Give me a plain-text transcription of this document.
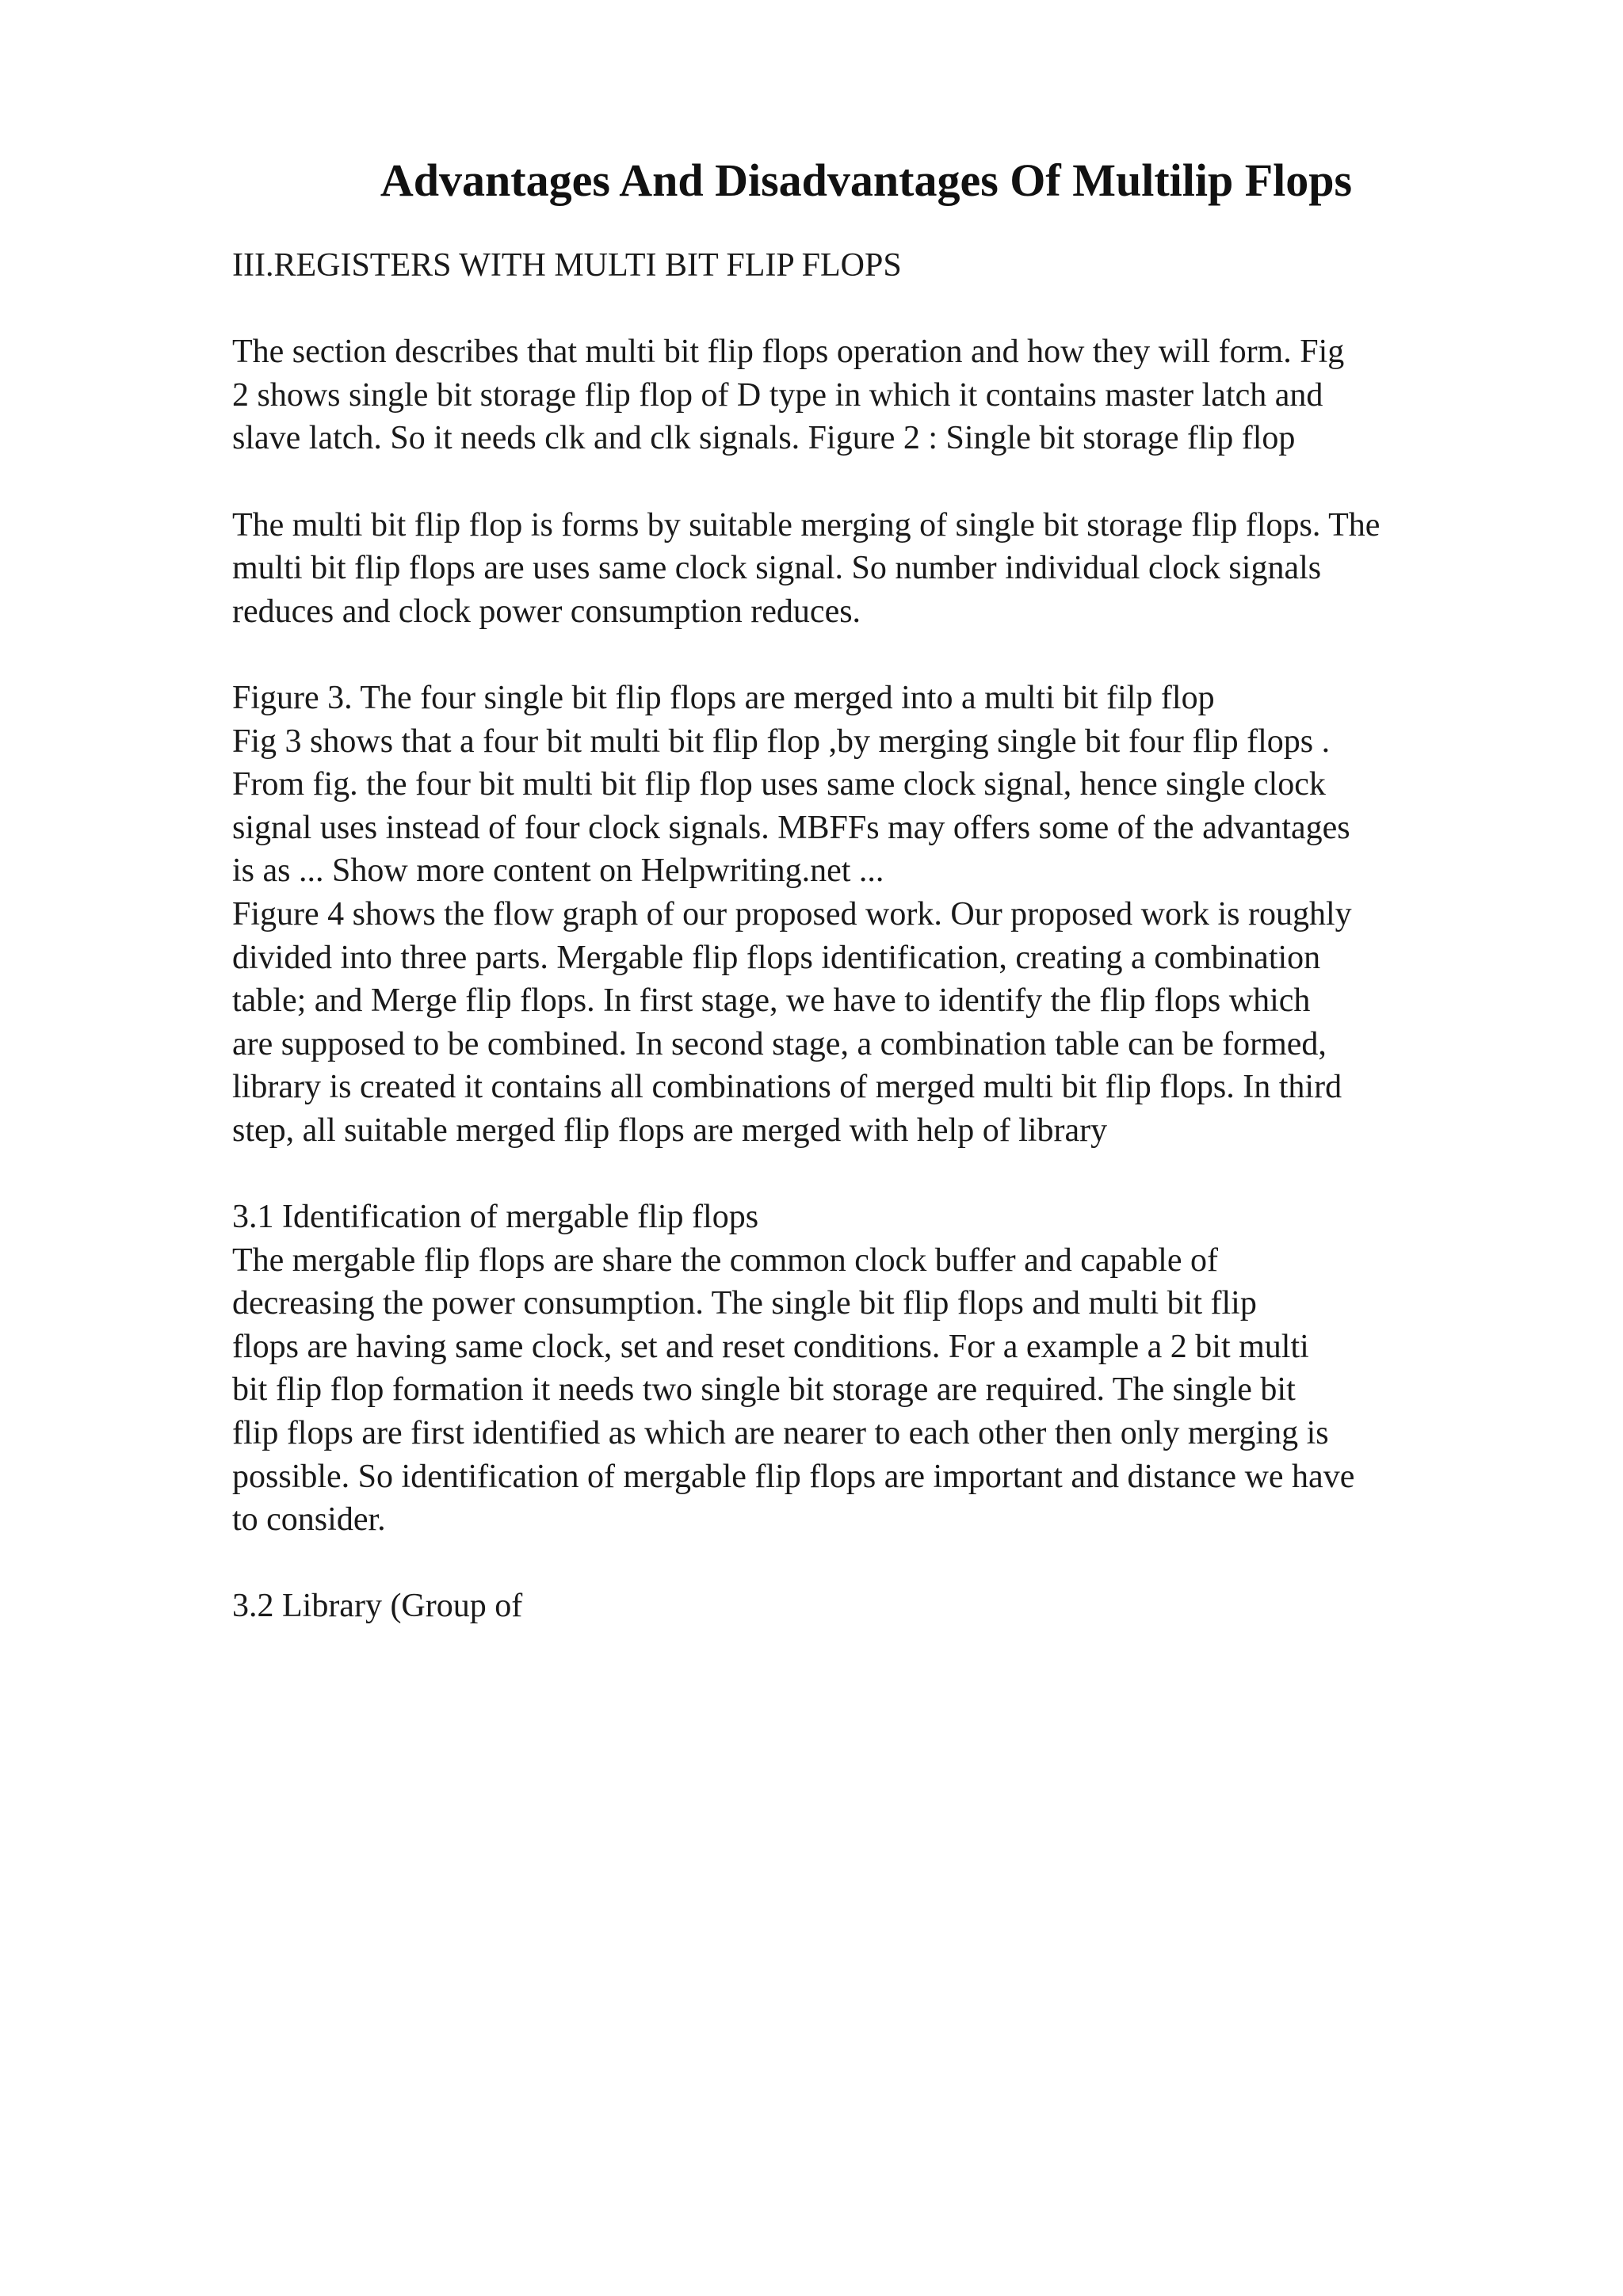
Advantages And Disadvantages Of Multilip Flops
III.REGISTERS WITH MULTI BIT FLIP FLOPS
The section describes that multi bit flip flops operation and how they will form. Fig
2 shows single bit storage flip flop of D type in which it contains master latch and
slave latch. So it needs clk and clk signals. Figure 2 : Single bit storage flip flop
The multi bit flip flop is forms by suitable merging of single bit storage flip flops. The
multi bit flip flops are uses same clock signal. So number individual clock signals
reduces and clock power consumption reduces.
Figure 3. The four single bit flip flops are merged into a multi bit filp flop
Fig 3 shows that a four bit multi bit flip flop ,by merging single bit four flip flops .
From fig. the four bit multi bit flip flop uses same clock signal, hence single clock
signal uses instead of four clock signals. MBFFs may offers some of the advantages
is as ... Show more content on Helpwriting.net ...
Figure 4 shows the flow graph of our proposed work. Our proposed work is roughly
divided into three parts. Mergable flip flops identification, creating a combination
table; and Merge flip flops. In first stage, we have to identify the flip flops which
are supposed to be combined. In second stage, a combination table can be formed,
library is created it contains all combinations of merged multi bit flip flops. In third
step, all suitable merged flip flops are merged with help of library
3.1 Identification of mergable flip flops
The mergable flip flops are share the common clock buffer and capable of
decreasing the power consumption. The single bit flip flops and multi bit flip
flops are having same clock, set and reset conditions. For a example a 2 bit multi
bit flip flop formation it needs two single bit storage are required. The single bit
flip flops are first identified as which are nearer to each other then only merging is
possible. So identification of mergable flip flops are important and distance we have
to consider.
3.2 Library (Group of
